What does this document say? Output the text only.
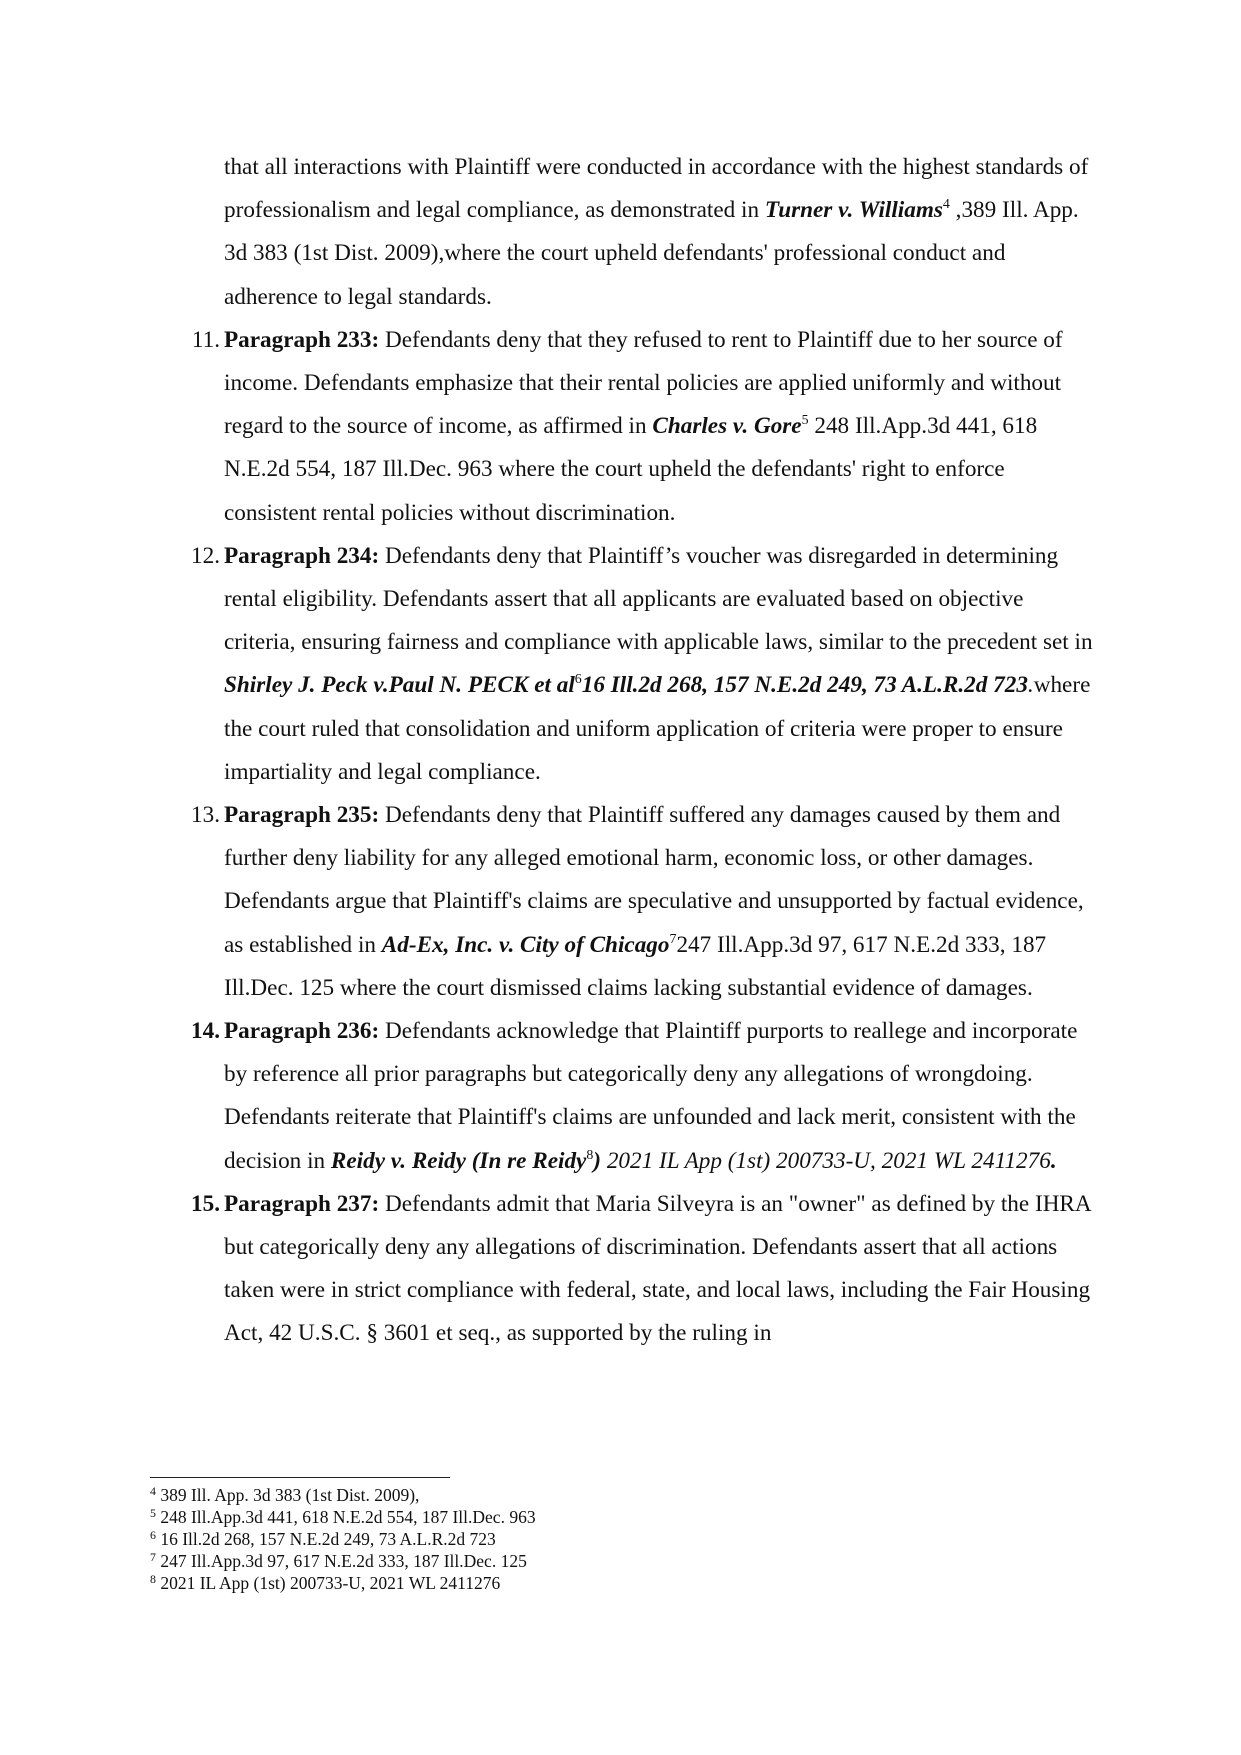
that all interactions with Plaintiff were conducted in accordance with the highest standards of professionalism and legal compliance, as demonstrated in Turner v. Williams$^4$ ,389 Ill. App. 3d 383 (1st Dist. 2009),where the court upheld defendants' professional conduct and adherence to legal standards.

11. Paragraph 233: Defendants deny that they refused to rent to Plaintiff due to her source of income. Defendants emphasize that their rental policies are applied uniformly and without regard to the source of income, as affirmed in Charles v. Gore$^5$ 248 Ill.App.3d 441, 618 N.E.2d 554, 187 Ill.Dec. 963 where the court upheld the defendants' right to enforce consistent rental policies without discrimination.

12. Paragraph 234: Defendants deny that Plaintiff’s voucher was disregarded in determining rental eligibility. Defendants assert that all applicants are evaluated based on objective criteria, ensuring fairness and compliance with applicable laws, similar to the precedent set in Shirley J. Peck v.Paul N. PECK et $al^616$ Ill.2d 268, 157 N.E.2d 249, 73 A.L.R.2d 723.where the court ruled that consolidation and uniform application of criteria were proper to ensure impartiality and legal compliance.

13. Paragraph 235: Defendants deny that Plaintiff suffered any damages caused by them and further deny liability for any alleged emotional harm, economic loss, or other damages. Defendants argue that Plaintiff's claims are speculative and unsupported by factual evidence, as established in Ad-Ex, Inc. v. City of Chicago$^7$247 Ill.App.3d 97, 617 N.E.2d 333, 187 Ill.Dec. 125 where the court dismissed claims lacking substantial evidence of damages.

14. Paragraph 236: Defendants acknowledge that Plaintiff purports to reallege and incorporate by reference all prior paragraphs but categorically deny any allegations of wrongdoing. Defendants reiterate that Plaintiff's claims are unfounded and lack merit, consistent with the decision in Reidy v. Reidy (In re Reidy$^8$) 2021 IL App (1st) 200733-U, 2021 WL 2411276.

15. Paragraph 237: Defendants admit that Maria Silveyra is an "owner" as defined by the IHRA but categorically deny any allegations of discrimination. Defendants assert that all actions taken were in strict compliance with federal, state, and local laws, including the Fair Housing Act, 42 U.S.C. § 3601 et seq., as supported by the ruling in

$^4$ 389 Ill. App. 3d 383 (1st Dist. 2009),
$^5$ 248 Ill.App.3d 441, 618 N.E.2d 554, 187 Ill.Dec. 963
$^6$ 16 Ill.2d 268, 157 N.E.2d 249, 73 A.L.R.2d 723
$^7$ 247 Ill.App.3d 97, 617 N.E.2d 333, 187 Ill.Dec. 125
$^8$ 2021 IL App (1st) 200733-U, 2021 WL 2411276
